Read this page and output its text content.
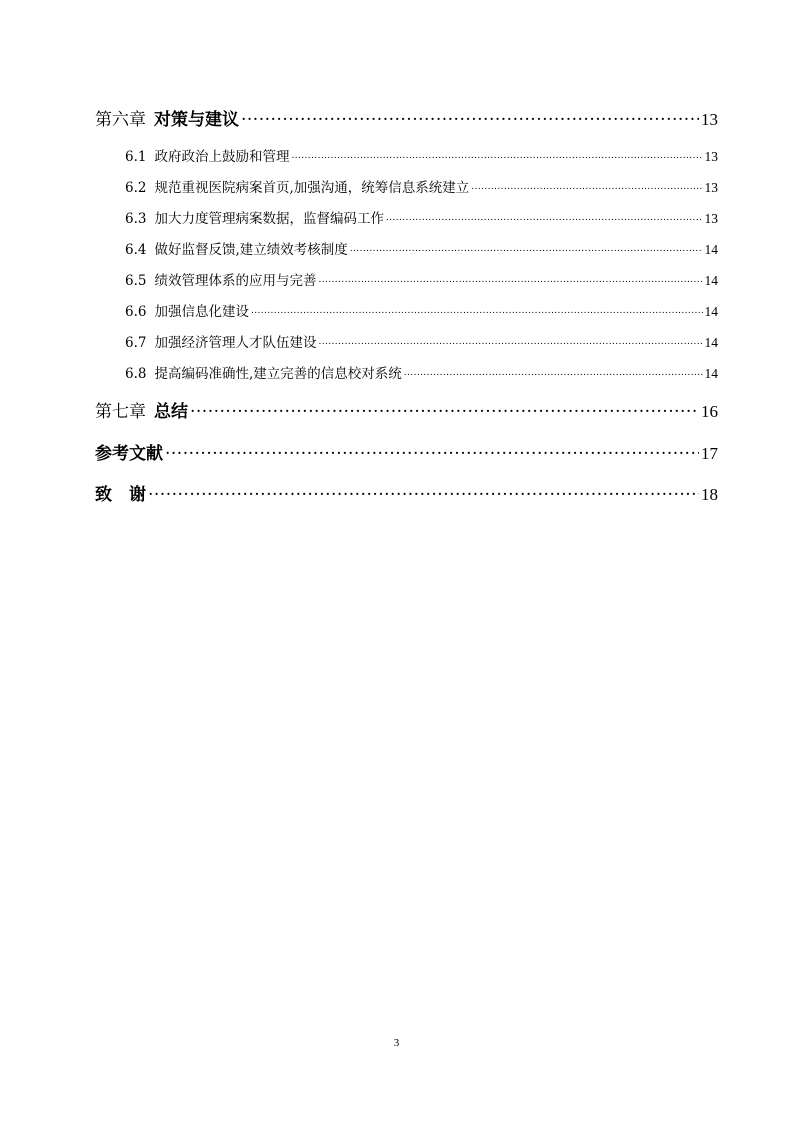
第六章 对策与建议 .....	13
6.1 政府政治上鼓励和管理 .....	13
6.2 规范重视医院病案首页,加强沟通，统筹信息系统建立 .....	13
6.3 加大力度管理病案数据，监督编码工作 .....	13
6.4 做好监督反馈,建立绩效考核制度 .....	14
6.5 绩效管理体系的应用与完善 .....	14
6.6 加强信息化建设 .....	14
6.7 加强经济管理人才队伍建设 .....	14
6.8 提高编码准确性,建立完善的信息校对系统 .....	14
第七章 总结 .....	16
参考文献 .....	17
致　谢 .....	18
3
